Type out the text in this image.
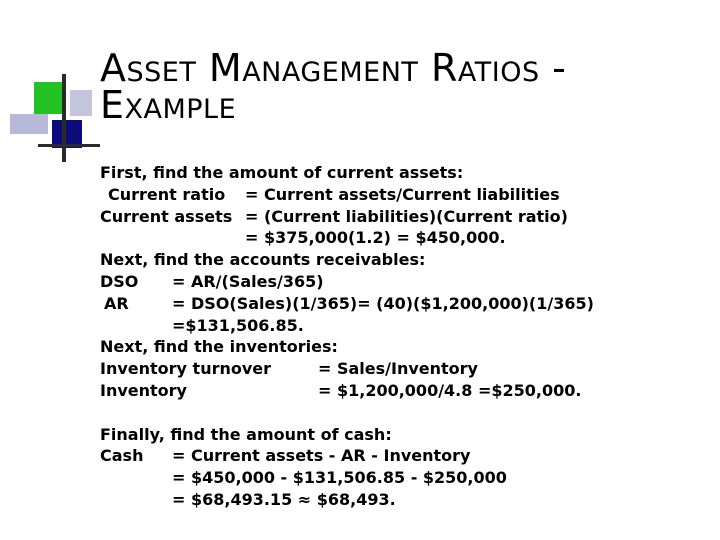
Asset Management Ratios -
Example
First, find the amount of current assets:
Current ratio = Current assets/Current liabilities
Current assets = (Current liabilities)(Current ratio)
= $375,000(1.2) = $450,000.
Next, find the accounts receivables:
DSO = AR/(Sales/365)
AR	= DSO(Sales)(1/365)= (40)($1,200,000)(1/365)
=$131,506.85.
Next, find the inventories:
Inventory turnover	= Sales/Inventory
Inventory	= $1,200,000/4.8 =$250,000.
Finally, find the amount of cash:
Cash = Current assets - AR - Inventory
= $450,000 - $131,506.85 - $250,000
= $68,493.15 ≈ $68,493.
